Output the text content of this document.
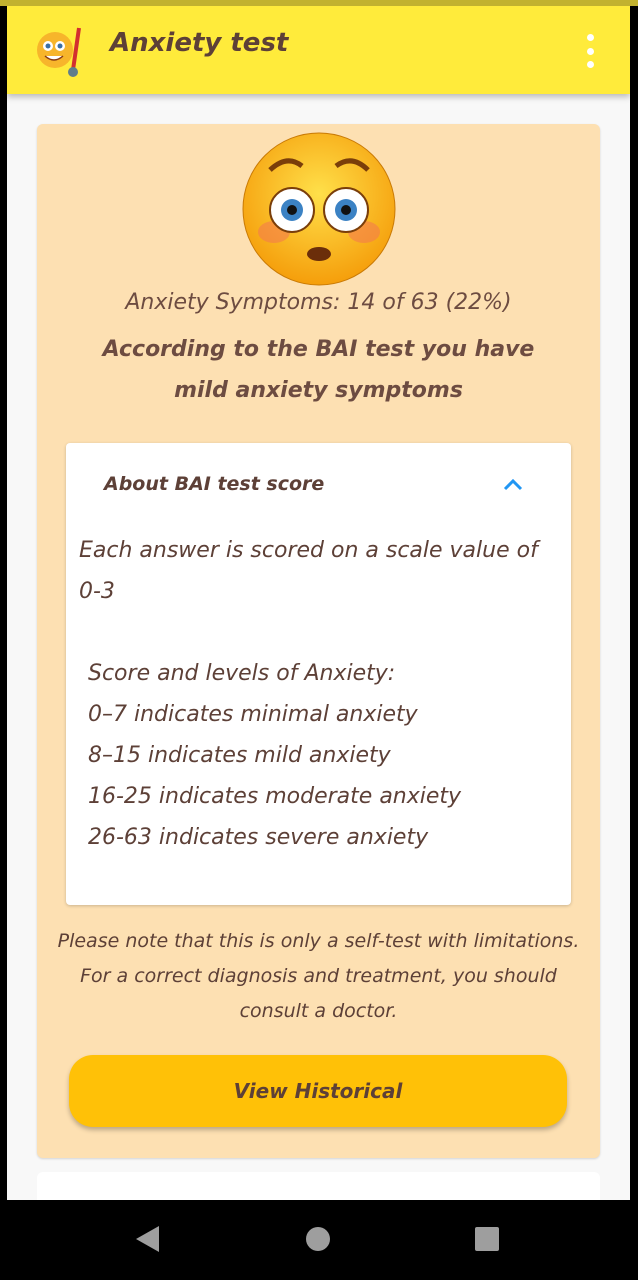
Anxiety test
Anxiety Symptoms: 14 of 63 (22%)
According to the BAI test you have mild anxiety symptoms
About BAI test score
Each answer is scored on a scale value of 0-3
Score and levels of Anxiety:
0–7 indicates minimal anxiety
8–15 indicates mild anxiety
16-25 indicates moderate anxiety
26-63 indicates severe anxiety
Please note that this is only a self-test with limitations. For a correct diagnosis and treatment, you should consult a doctor.
View Historical
